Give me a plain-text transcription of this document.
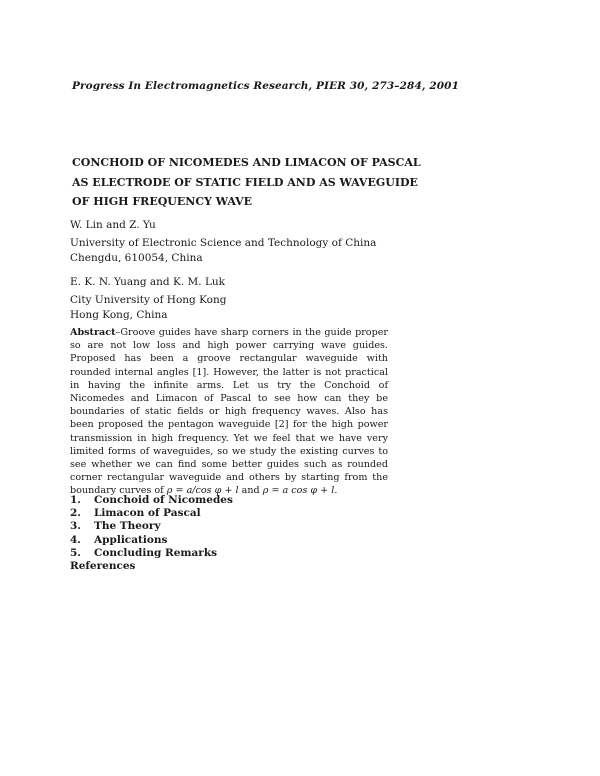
Progress In Electromagnetics Research, PIER 30, 273–284, 2001
CONCHOID OF NICOMEDES AND LIMACON OF PASCAL
AS ELECTRODE OF STATIC FIELD AND AS WAVEGUIDE
OF HIGH FREQUENCY WAVE
W. Lin and Z. Yu
University of Electronic Science and Technology of China
Chengdu, 610054, China
E. K. N. Yuang and K. M. Luk
City University of Hong Kong
Hong Kong, China
Abstract–Groove guides have sharp corners in the guide proper so are not low loss and high power carrying wave guides. Proposed has been a groove rectangular waveguide with rounded internal angles [1]. However, the latter is not practical in having the infinite arms. Let us try the Conchoid of Nicomedes and Limacon of Pascal to see how can they be boundaries of static fields or high frequency waves. Also has been proposed the pentagon waveguide [2] for the high power transmission in high frequency. Yet we feel that we have very limited forms of waveguides, so we study the existing curves to see whether we can find some better guides such as rounded corner rectangular waveguide and others by starting from the boundary curves of ρ = a/cos φ + l and ρ = a cos φ + l.
1. Conchoid of Nicomedes
2. Limacon of Pascal
3. The Theory
4. Applications
5. Concluding Remarks
References
